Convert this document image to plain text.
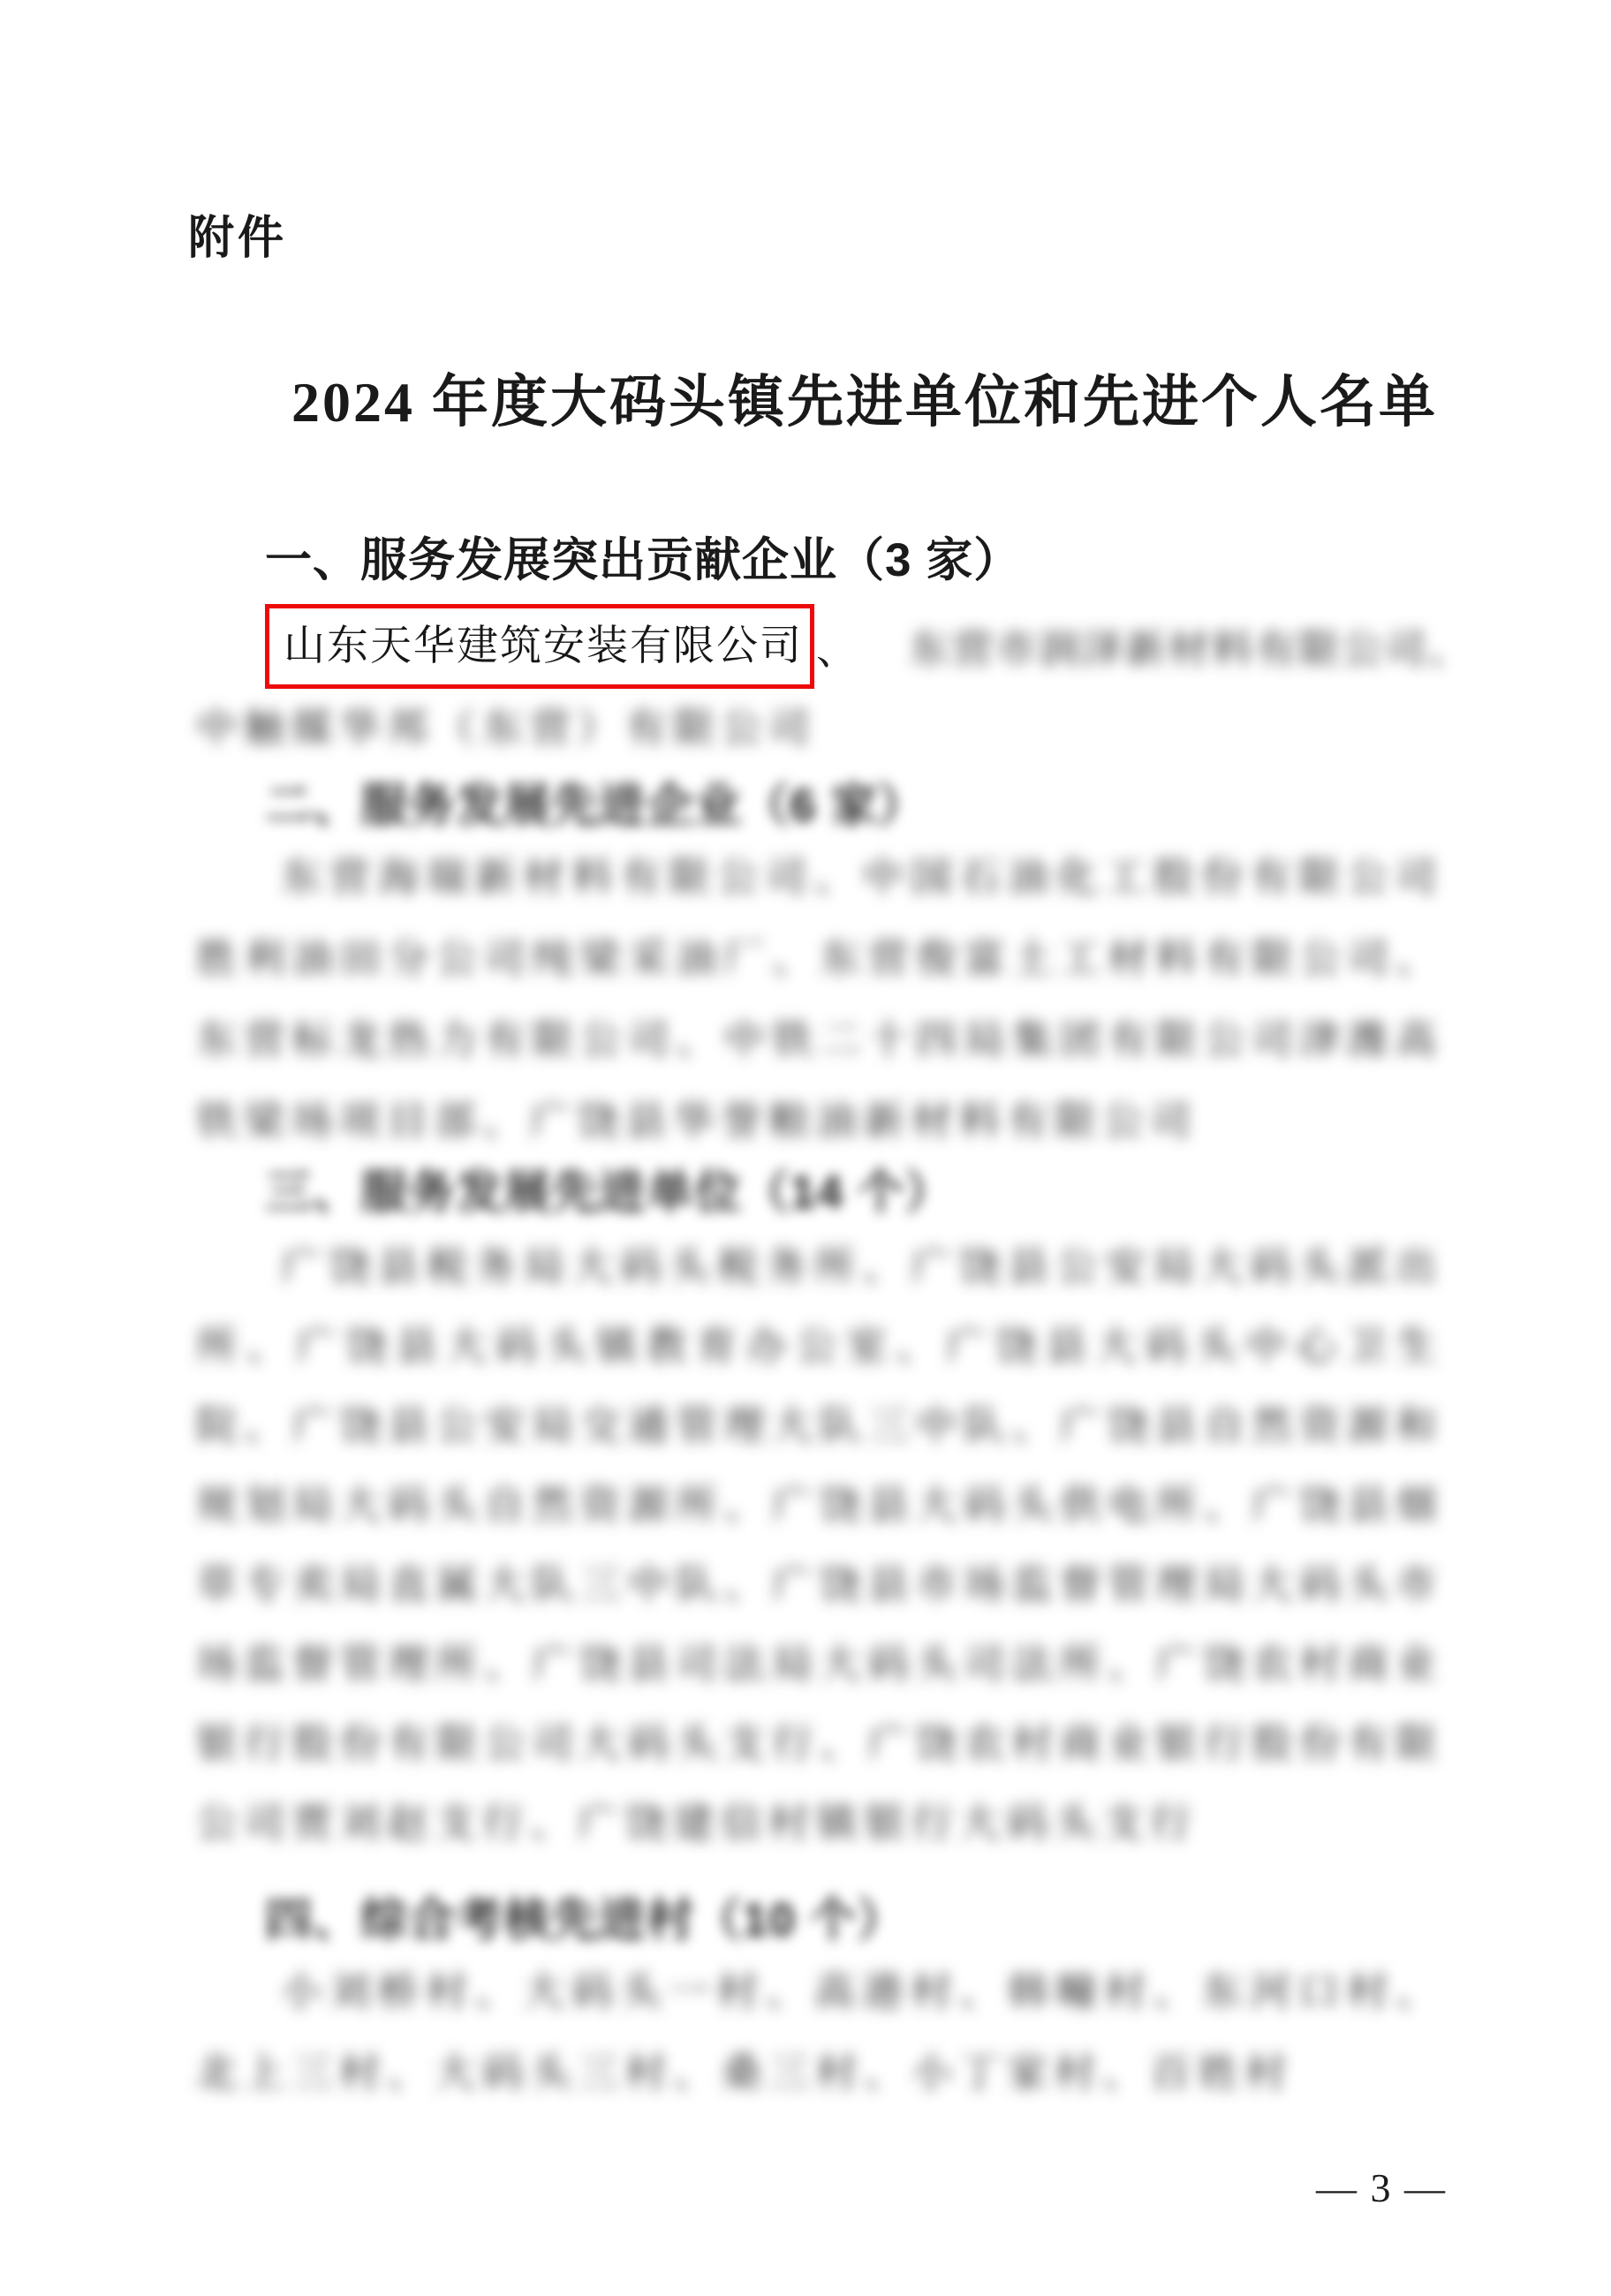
附件
2024 年度大码头镇先进单位和先进个人名单
一、服务发展突出贡献企业（3 家）
山东天华建筑安装有限公司 、 东营市润泽新材料有限公司、
中触媒华邦（东营）有限公司
二、服务发展先进企业（6 家）

东营海瑞新材料有限公司、中国石油化工股份有限公司胜利油田分公司纯梁采油厂、东营俊富土工材料有限公司、东营标龙热力有限公司、中铁二十四局集团有限公司津潍高铁梁场项目部、广饶县华誉粮油新材料有限公司

三、服务发展先进单位（14 个）

广饶县税务局大码头税务所、广饶县公安局大码头派出所、广饶县大码头镇教育办公室、广饶县大码头中心卫生院、广饶县公安局交通管理大队三中队、广饶县自然资源和规划局大码头自然资源所、广饶县大码头供电所、广饶县烟草专卖局直属大队三中队、广饶县市场监督管理局大码头市场监督管理所、广饶县司法局大码头司法所、广饶农村商业银行股份有限公司大码头支行、广饶农村商业银行股份有限公司贾刘赵支行、广饶建信村镇银行大码头支行

四、综合考核先进村（10 个）

小刘桥村、大码头一村、高港村、韩疃村、东河口村、北上三村、大码头三村、桑三村、小丁家村、百姓村

— 3 —
